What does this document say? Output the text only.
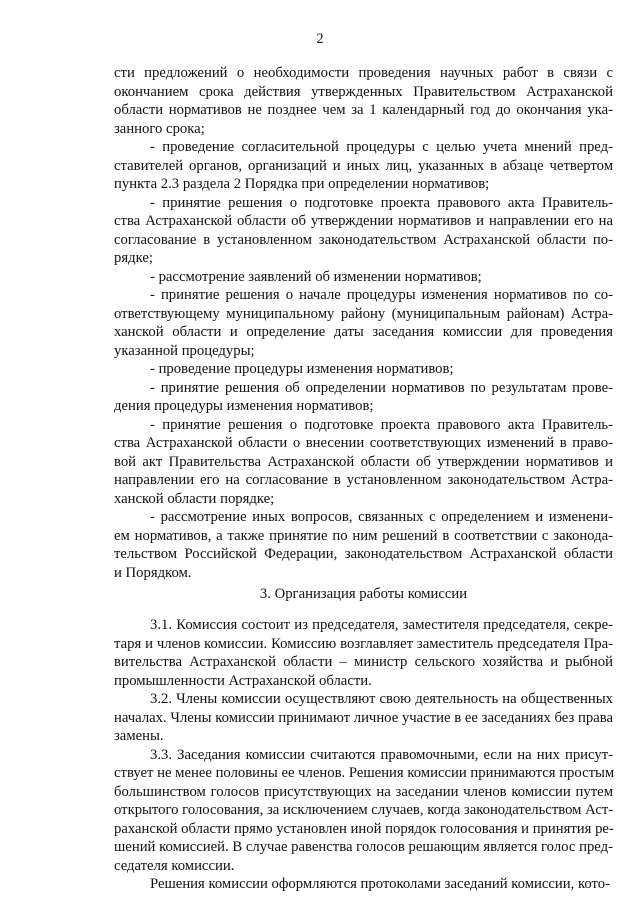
2
сти предложений о необходимости проведения научных работ в связи с
окончанием срока действия утвержденных Правительством Астраханской
области нормативов не позднее чем за 1 календарный год до окончания ука-
занного срока;
- проведение согласительной процедуры с целью учета мнений пред-
ставителей органов, организаций и иных лиц, указанных в абзаце четвертом
пункта 2.3 раздела 2 Порядка при определении нормативов;
- принятие решения о подготовке проекта правового акта Правитель-
ства Астраханской области об утверждении нормативов и направлении его на
согласование в установленном законодательством Астраханской области по-
рядке;
- рассмотрение заявлений об изменении нормативов;
- принятие решения о начале процедуры изменения нормативов по со-
ответствующему муниципальному району (муниципальным районам) Астра-
ханской области и определение даты заседания комиссии для проведения
указанной процедуры;
- проведение процедуры изменения нормативов;
- принятие решения об определении нормативов по результатам прове-
дения процедуры изменения нормативов;
- принятие решения о подготовке проекта правового акта Правитель-
ства Астраханской области о внесении соответствующих изменений в право-
вой акт Правительства Астраханской области об утверждении нормативов и
направлении его на согласование в установленном законодательством Астра-
ханской области порядке;
- рассмотрение иных вопросов, связанных с определением и изменени-
ем нормативов, а также принятие по ним решений в соответствии с законода-
тельством Российской Федерации, законодательством Астраханской области
и Порядком.
3. Организация работы комиссии
3.1. Комиссия состоит из председателя, заместителя председателя, секре-
таря и членов комиссии. Комиссию возглавляет заместитель председателя Пра-
вительства Астраханской области – министр сельского хозяйства и рыбной
промышленности Астраханской области.
3.2. Члены комиссии осуществляют свою деятельность на общественных
началах. Члены комиссии принимают личное участие в ее заседаниях без права
замены.
3.3. Заседания комиссии считаются правомочными, если на них присут-
ствует не менее половины ее членов. Решения комиссии принимаются простым
большинством голосов присутствующих на заседании членов комиссии путем
открытого голосования, за исключением случаев, когда законодательством Аст-
раханской области прямо установлен иной порядок голосования и принятия ре-
шений комиссией. В случае равенства голосов решающим является голос пред-
седателя комиссии.
Решения комиссии оформляются протоколами заседаний комиссии, кото-
